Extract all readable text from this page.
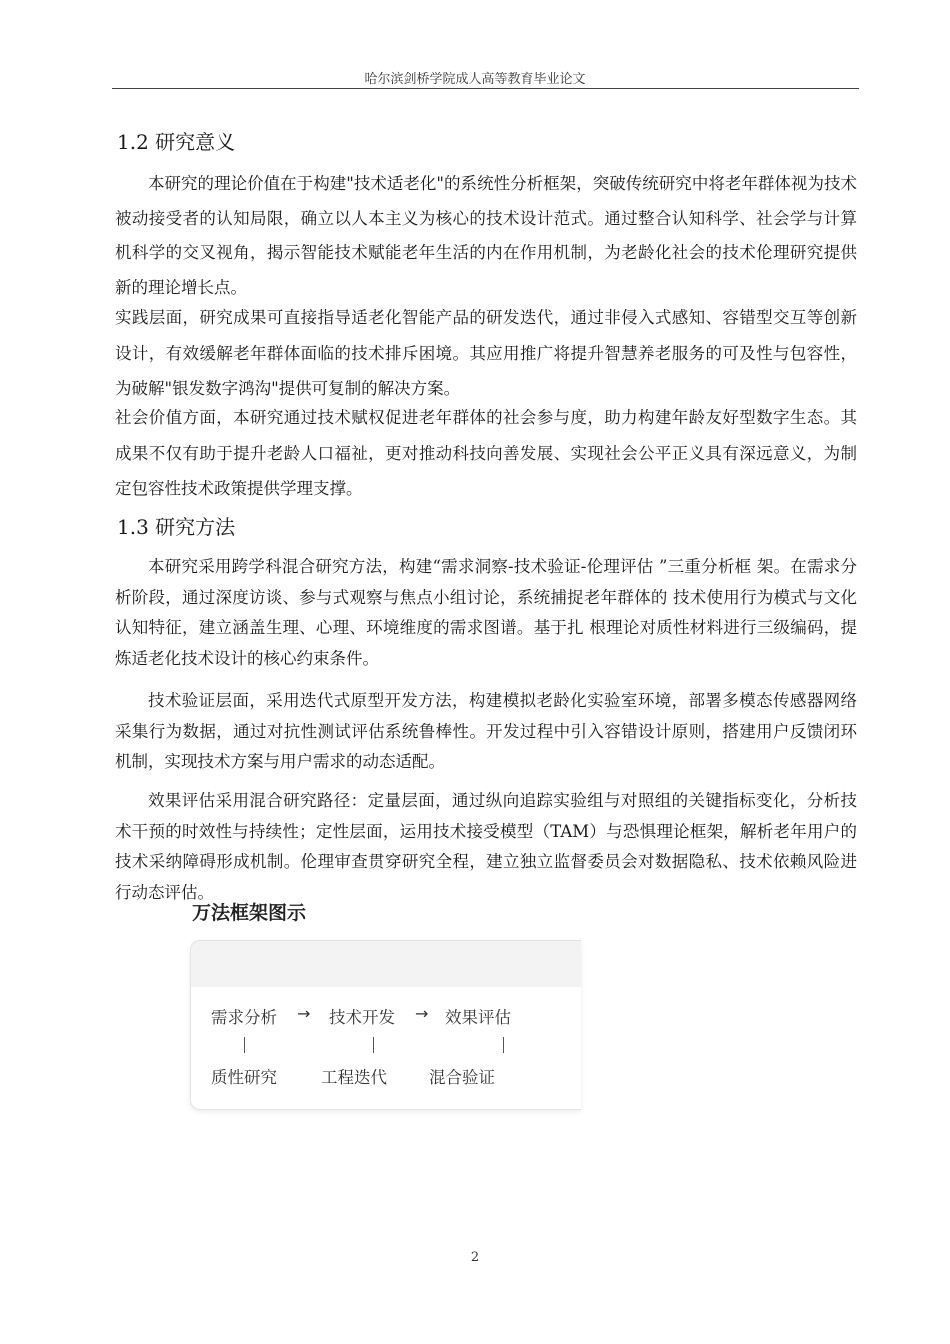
哈尔滨剑桥学院成人高等教育毕业论文
1.2 研究意义

本研究的理论价值在于构建"技术适老化"的系统性分析框架，突破传统研究中将老年群体视为技术被动接受者的认知局限，确立以人本主义为核心的技术设计范式。通过整合认知科学、社会学与计算机科学的交叉视角，揭示智能技术赋能老年生活的内在作用机制，为老龄化社会的技术伦理研究提供新的理论增长点。

实践层面，研究成果可直接指导适老化智能产品的研发迭代，通过非侵入式感知、容错型交互等创新设计，有效缓解老年群体面临的技术排斥困境。其应用推广将提升智慧养老服务的可及性与包容性，为破解"银发数字鸿沟"提供可复制的解决方案。

社会价值方面，本研究通过技术赋权促进老年群体的社会参与度，助力构建年龄友好型数字生态。其成果不仅有助于提升老龄人口福祉，更对推动科技向善发展、实现社会公平正义具有深远意义，为制定包容性技术政策提供学理支撑。

1.3 研究方法

本研究采用跨学科混合研究方法，构建“需求洞察-技术验证-伦理评估 ”三重分析框 架。在需求分析阶段，通过深度访谈、参与式观察与焦点小组讨论，系统捕捉老年群体的 技术使用行为模式与文化认知特征，建立涵盖生理、心理、环境维度的需求图谱。基于扎 根理论对质性材料进行三级编码，提炼适老化技术设计的核心约束条件。

技术验证层面，采用迭代式原型开发方法，构建模拟老龄化实验室环境，部署多模态传感器网络采集行为数据，通过对抗性测试评估系统鲁棒性。开发过程中引入容错设计原则，搭建用户反馈闭环机制，实现技术方案与用户需求的动态适配。

效果评估采用混合研究路径：定量层面，通过纵向追踪实验组与对照组的关键指标变化，分析技术干预的时效性与持续性；定性层面，运用技术接受模型（TAM）与恐惧理论框架，解析老年用户的技术采纳障碍形成机制。伦理审查贯穿研究全程，建立独立监督委员会对数据隐私、技术依赖风险进行动态评估。

万法框架图示
需求分析 → 技术开发 → 效果评估
质性研究	工程迭代	混合验证
2
